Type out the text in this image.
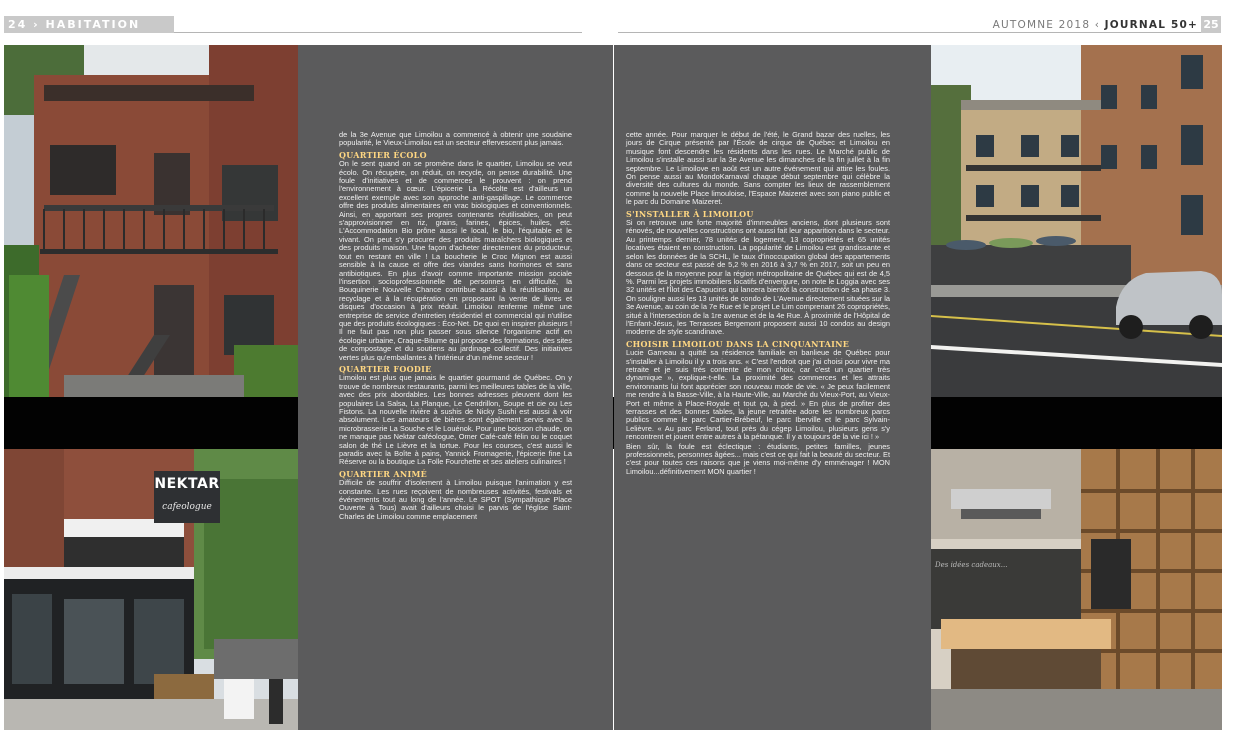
24 › HABITATION	AUTOMNE 2018 ‹ JOURNAL 50+ 25
NEKTAR
cafeologue

de la 3e Avenue que Limoilou a commencé à obtenir une soudaine popularité, le Vieux-Limoilou est un secteur effervescent plus jamais.

QUARTIER ÉCOLO

On le sent quand on se promène dans le quartier, Limoilou se veut écolo. On récupère, on réduit, on recycle, on pense durabilité. Une foule d'initiatives et de commerces le prouvent : on prend l'environnement à cœur. L'épicerie La Récolte est d'ailleurs un excellent exemple avec son approche anti-gaspillage. Le commerce offre des produits alimentaires en vrac biologiques et conventionnels. Ainsi, en apportant ses propres contenants réutilisables, on peut s'approvisionner en riz, grains, farines, épices, huiles, etc. L'Accommodation Bio prône aussi le local, le bio, l'équitable et le vivant. On peut s'y procurer des produits maraîchers biologiques et des produits maison. Une façon d'acheter directement du producteur, tout en restant en ville ! La boucherie le Croc Mignon est aussi sensible à la cause et offre des viandes sans hormones et sans antibiotiques. En plus d'avoir comme importante mission sociale l'insertion socioprofessionnelle de personnes en difficulté, la Bouquinerie Nouvelle Chance contribue aussi à la réutilisation, au recyclage et à la récupération en proposant la vente de livres et disques d'occasion à prix réduit. Limoilou renferme même une entreprise de service d'entretien résidentiel et commercial qui n'utilise que des produits écologiques : Éco-Net. De quoi en inspirer plusieurs ! Il ne faut pas non plus passer sous silence l'organisme actif en écologie urbaine, Craque-Bitume qui propose des formations, des sites de compostage et du soutiens au jardinage collectif. Des initiatives vertes plus qu'emballantes à l'intérieur d'un même secteur !

QUARTIER FOODIE

Limoilou est plus que jamais le quartier gourmand de Québec. On y trouve de nombreux restaurants, parmi les meilleures tables de la ville, avec des prix abordables. Les bonnes adresses pleuvent dont les populaires La Salsa, La Planque, Le Cendrillon, Soupe et cie ou Les Fistons. La nouvelle rivière à sushis de Nicky Sushi est aussi à voir absolument. Les amateurs de bières sont également servis avec la microbrasserie La Souche et le Louénok. Pour une boisson chaude, on ne manque pas Nektar caféologue, Omer Café-café félin ou le coquet salon de thé Le Lièvre et la tortue. Pour les courses, c'est aussi le paradis avec la Boîte à pains, Yannick Fromagerie, l'épicerie fine La Réserve ou la boutique La Folle Fourchette et ses ateliers culinaires !

QUARTIER ANIMÉ

Difficile de souffrir d'isolement à Limoilou puisque l'animation y est constante. Les rues reçoivent de nombreuses activités, festivals et événements tout au long de l'année. Le SPOT (Sympathique Place Ouverte à Tous) avait d'ailleurs choisi le parvis de l'église Saint-Charles de Limoilou comme emplacement

cette année. Pour marquer le début de l'été, le Grand bazar des ruelles, les jours de Cirque présenté par l'École de cirque de Québec et Limoilou en musique font descendre les résidents dans les rues. Le Marché public de Limoilou s'installe aussi sur la 3e Avenue les dimanches de la fin juillet à la fin septembre. Le Limoilove en août est un autre événement qui attire les foules. On pense aussi au MondoKarnaval chaque début septembre qui célèbre la diversité des cultures du monde. Sans compter les lieux de rassemblement comme la nouvelle Place limouloise, l'Espace Maizeret avec son piano public et le parc du Domaine Maizeret.

S'INSTALLER À LIMOILOU

Si on retrouve une forte majorité d'immeubles anciens, dont plusieurs sont rénovés, de nouvelles constructions ont aussi fait leur apparition dans le secteur. Au printemps dernier, 78 unités de logement, 13 copropriétés et 65 unités locatives étaient en construction. La popularité de Limoilou est grandissante et selon les données de la SCHL, le taux d'inoccupation global des appartements dans ce secteur est passé de 5,2 % en 2016 à 3,7 % en 2017, soit un peu en dessous de la moyenne pour la région métropolitaine de Québec qui est de 4,5 %. Parmi les projets immobiliers locatifs d'envergure, on note le Loggia avec ses 32 unités et l'Îlot des Capucins qui lancera bientôt la construction de sa phase 3. On souligne aussi les 13 unités de condo de L'Avenue directement situées sur la 3e Avenue, au coin de la 7e Rue et le projet Le Lim comprenant 26 copropriétés, situé à l'intersection de la 1re avenue et de la 4e Rue. À proximité de l'Hôpital de l'Enfant-Jésus, les Terrasses Bergemont proposent aussi 10 condos au design moderne de style scandinave.

CHOISIR LIMOILOU DANS LA CINQUANTAINE

Lucie Garneau a quitté sa résidence familiale en banlieue de Québec pour s'installer à Limoilou il y a trois ans. « C'est l'endroit que j'ai choisi pour vivre ma retraite et je suis très contente de mon choix, car c'est un quartier très dynamique », explique-t-elle. La proximité des commerces et les attraits environnants lui font apprécier son nouveau mode de vie. « Je peux facilement me rendre à la Basse-Ville, à la Haute-Ville, au Marché du Vieux-Port, au Vieux-Port et même à Place-Royale et tout ça, à pied. » En plus de profiter des terrasses et des bonnes tables, la jeune retraitée adore les nombreux parcs publics comme le parc Cartier-Brébeuf, le parc Iberville et le parc Sylvain-Lelièvre. « Au parc Ferland, tout près du cégep Limoilou, plusieurs gens s'y rencontrent et jouent entre autres à la pétanque. Il y a toujours de la vie ici ! »

Bien sûr, la foule est éclectique : étudiants, petites familles, jeunes professionnels, personnes âgées... mais c'est ce qui fait la beauté du secteur. Et c'est pour toutes ces raisons que je viens moi-même d'y emménager ! MON Limoilou...définitivement MON quartier !

Des idées cadeaux...
